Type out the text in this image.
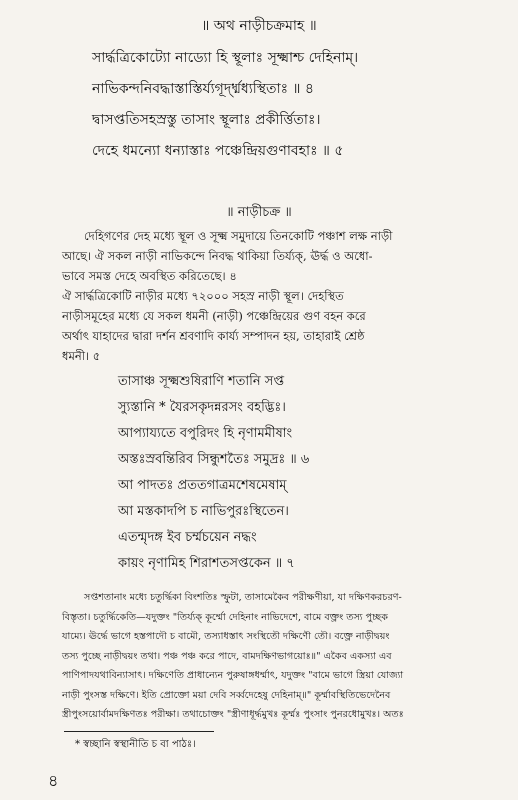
॥ অথ নাড়ীচক্রমাহ ॥
সার্দ্ধত্রিকোট্যো নাড্যো হি স্থূলাঃ সূক্ষ্মাশ্চ দেহিনাম্।
নাভিকন্দনিবদ্ধাস্তাস্তির্য্যগূর্দ্ধ্মধ্যস্থিতাঃ ॥ ৪
দ্বাসপ্ততিসহস্রস্তু তাসাং স্থূলাঃ প্রকীর্ত্তিতাঃ।
দেহে ধমন্যো ধন্যাস্তাঃ পঞ্চেন্দ্রিয়গুণাবহাঃ ॥ ৫
॥ নাড়ীচক্র ॥
দেহিগণের দেহ মধ্যে স্থূল ও সূক্ষ্ম সমুদায়ে তিনকোটি পঞ্চাশ লক্ষ নাড়ী
আছে। ঐ সকল নাড়ী নাভিকন্দে নিবদ্ধ থাকিয়া তির্য্যক্‌, ঊর্দ্ধ ও অধো-
ভাবে সমস্ত দেহে অবস্থিত করিতেছে। ৪
ঐ সার্দ্ধত্রিকোটি নাড়ীর মধ্যে ৭২০০০ সহস্র নাড়ী স্থূল। দেহস্থিত
নাড়ীসমূহের মধ্যে যে সকল ধমনী (নাড়ী) পঞ্চেন্দ্রিয়ের গুণ বহন করে
অর্থাৎ যাহাদের দ্বারা দর্শন শ্রবণাদি কার্য্য সম্পাদন হয়, তাহারাই শ্রেষ্ঠ
ধমনী। ৫
তাসাঞ্চ সূক্ষ্মশুষিরাণি শতানি সপ্ত
স্যুস্তানি * যৈরসকৃদন্নরসং বহদ্ভিঃ।
আপ্যায্যতে বপুরিদং হি নৃণামমীষাং
অস্তঃস্রবন্তিরিব সিন্ধুশতৈঃ সমুদ্রঃ ॥ ৬
আ পাদতঃ প্রততগাত্রমশেষমেষাম্
আ মস্তকাদপি চ নাভিপুরঃস্থিতেন।
এতন্মৃদঙ্গ ইব চর্ম্মচয়েন নদ্ধং
কায়ং নৃণামিহ শিরাশতসপ্তকেন ॥ ৭
সপ্তশতানাং মধ্যে চতুর্দ্ধিকা বিংশতিঃ স্ফুটা, তাসামেকৈব পরীক্ষণীয়া, যা দক্ষিণকরচরণ-
বিস্তৃতা। চতুর্দ্ধিকেতি—যদুক্তং "তির্য্যক্‌ কূর্ম্মো দেহিনাং নাভিদেশে, বামে বক্ত্রং তস্য পুচ্ছক
যাম্যে। ঊর্দ্ধে ভাগে হস্তপাদৌ চ বামৌ, তস্যাধস্তাৎ সংস্থিতৌ দক্ষিণৌ তৌ। বক্ত্রে নাড়ীদ্বয়ং
তস্য পুচ্ছে নাড়ীদ্বয়ং তথা। পঞ্চ পঞ্চ করে পাদে, বামদক্ষিণভাগয়োঃ॥" একৈব একস্যা এব
পাণিপাদযথাবিন্যাসাৎ। দক্ষিণেতি প্রাধান্যেন পুরুষাঙ্গধর্ম্মাৎ, যদুক্তং "বামে ভাগে স্ত্রিয়া যোজ্যা
নাড়ী পুংসস্ত দক্ষিণে। ইতি প্রোক্তো ময়া দেবি সর্ব্বদেহেষু দেহিনাম্॥" কূর্ম্মাবস্থিতিভেদেনৈব
স্ত্রীপুংসয়োর্বামদক্ষিণতঃ পরীক্ষা। তথাচোক্তং "স্ত্রীণাধূর্দ্ধমুখঃ কূর্ম্মঃ পুংসাং পুনরধোমুখঃ। অতঃ
* স্বচ্ছানি স্বস্থানীতি চ বা পাঠঃ।
৪
